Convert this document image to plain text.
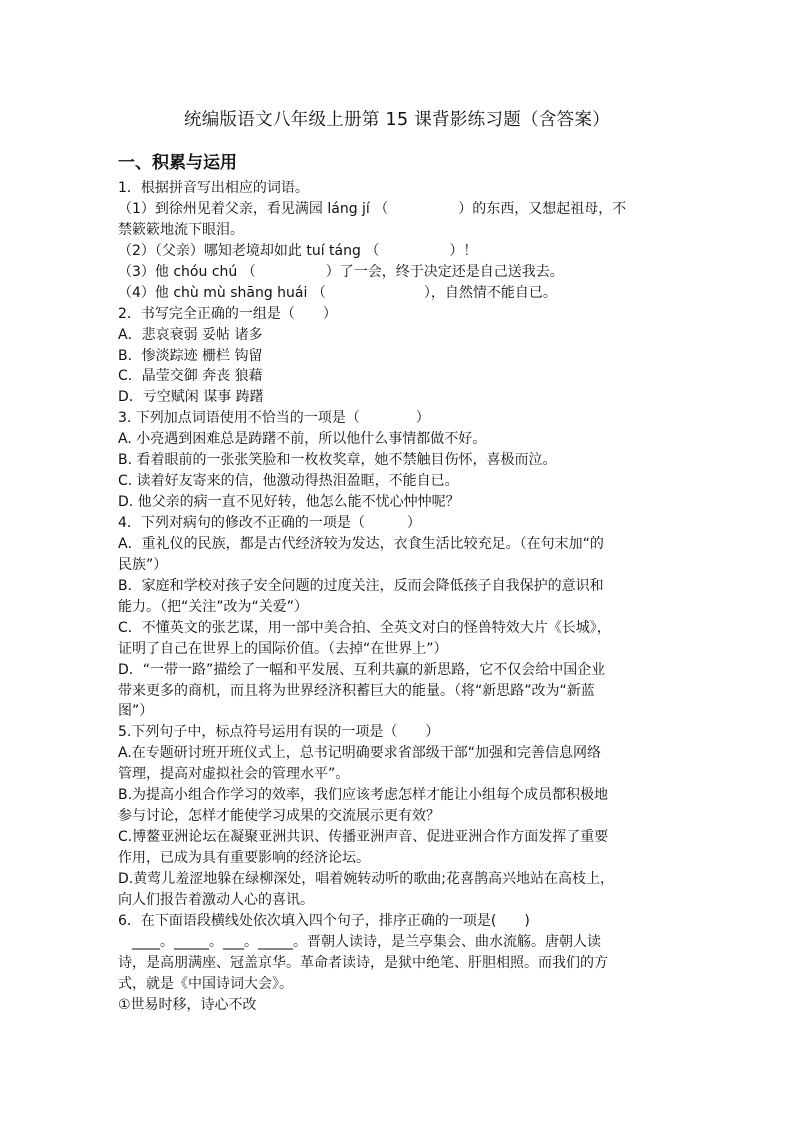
统编版语文八年级上册第 15 课背影练习题（含答案）
一、积累与运用
1．根据拼音写出相应的词语。
（1）到徐州见着父亲，看见满园 láng jí （　　　　　）的东西，又想起祖母，不
禁簌簌地流下眼泪。
（2）（父亲）哪知老境却如此 tuí táng （　　　　　）！
（3）他 chóu chú （　　　　　）了一会，终于决定还是自己送我去。
（4）他 chù mù shāng huái （　　　　　　　），自然情不能自已。
2．书写完全正确的一组是（　　）
A．悲哀衰弱 妥帖 诸多
B．惨淡踪迹 栅栏 钩留
C．晶莹交御 奔丧 狼藉
D．亏空赋闲 谋事 踌躇
3. 下列加点词语使用不恰当的一项是（　　　　）
A. 小亮遇到困难总是踌躇不前，所以他什么事情都做不好。
B. 看着眼前的一张张笑脸和一枚枚奖章，她不禁触目伤怀，喜极而泣。
C. 读着好友寄来的信，他激动得热泪盈眶，不能自已。
D. 他父亲的病一直不见好转，他怎么能不忧心忡忡呢？
4．下列对病句的修改不正确的一项是（　　　）
A．重礼仪的民族，都是古代经济较为发达，衣食生活比较充足。（在句末加“的
民族”）
B．家庭和学校对孩子安全问题的过度关注，反而会降低孩子自我保护的意识和
能力。（把“关注”改为“关爱”）
C．不懂英文的张艺谋，用一部中美合拍、全英文对白的怪兽特效大片《长城》，
证明了自己在世界上的国际价值。（去掉“在世界上”）
D．“一带一路”描绘了一幅和平发展、互利共赢的新思路，它不仅会给中国企业
带来更多的商机，而且将为世界经济积蓄巨大的能量。（将“新思路”改为“新蓝
图”）
5.下列句子中，标点符号运用有误的一项是（　　）
A.在专题研讨班开班仪式上，总书记明确要求省部级干部“加强和完善信息网络
管理，提高对虚拟社会的管理水平”。
B.为提高小组合作学习的效率，我们应该考虑怎样才能让小组每个成员都积极地
参与讨论，怎样才能使学习成果的交流展示更有效？
C.博鳌亚洲论坛在凝聚亚洲共识、传播亚洲声音、促进亚洲合作方面发挥了重要
作用，已成为具有重要影响的经济论坛。
D.黄莺儿羞涩地躲在绿柳深处，唱着婉转动听的歌曲;花喜鹊高兴地站在高枝上，
向人们报告着激动人心的喜讯。
6．在下面语段横线处依次填入四个句子，排序正确的一项是(　　)
　____。_____。___。_____。晋朝人读诗，是兰亭集会、曲水流觞。唐朝人读
诗，是高朋满座、冠盖京华。革命者读诗，是狱中绝笔、肝胆相照。而我们的方
式，就是《中国诗词大会》。
①世易时移，诗心不改
